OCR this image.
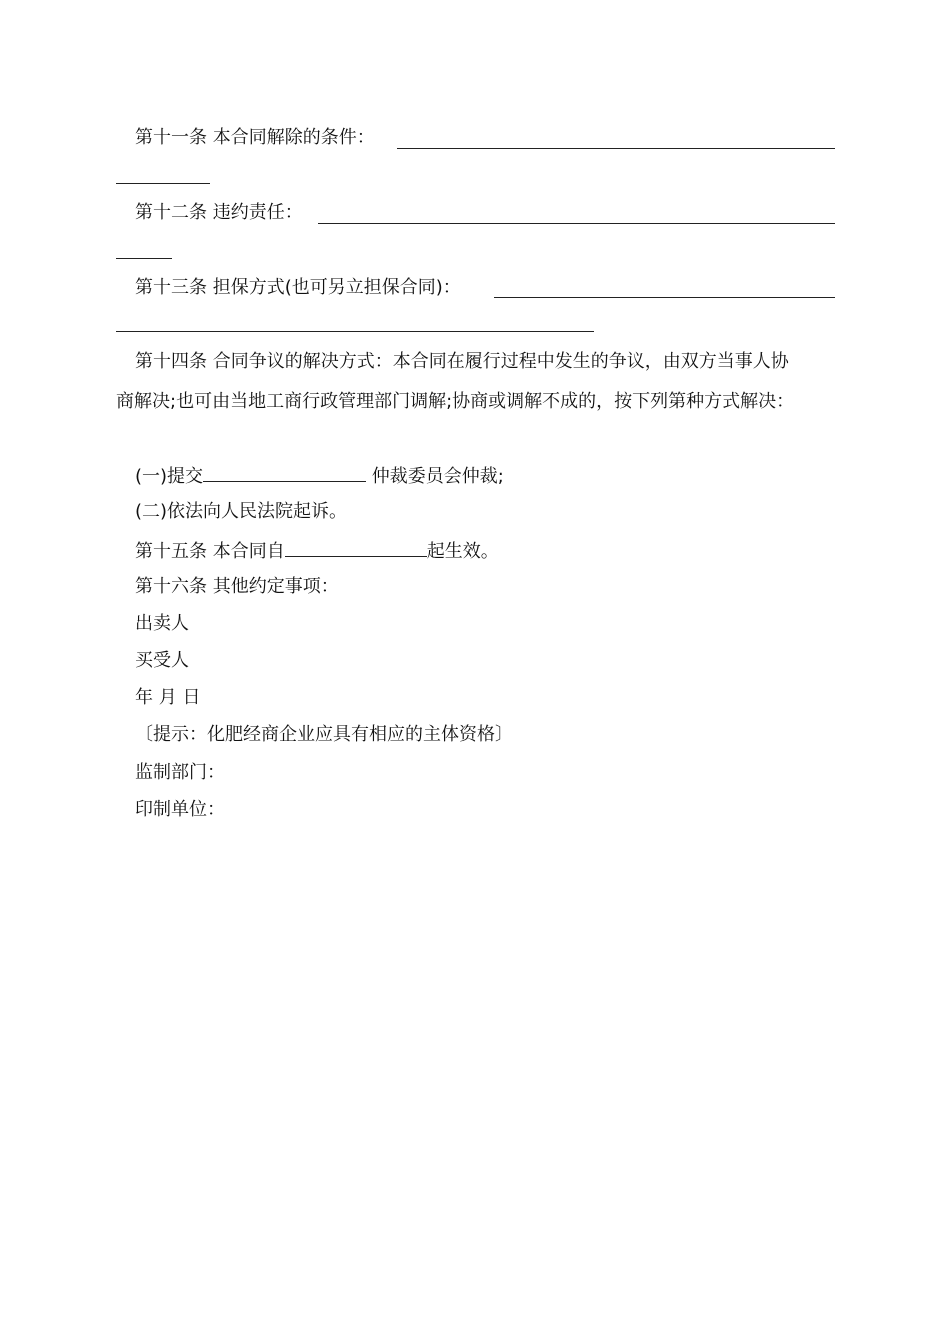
第十一条 本合同解除的条件：
第十二条 违约责任：
第十三条 担保方式(也可另立担保合同)：
第十四条 合同争议的解决方式：本合同在履行过程中发生的争议，由双方当事人协
商解决;也可由当地工商行政管理部门调解;协商或调解不成的，按下列第种方式解决：
(一)提交	仲裁委员会仲裁;
(二)依法向人民法院起诉。
第十五条 本合同自	起生效。
第十六条 其他约定事项：
出卖人
买受人
年 月 日
〔提示：化肥经商企业应具有相应的主体资格〕
监制部门：
印制单位：
